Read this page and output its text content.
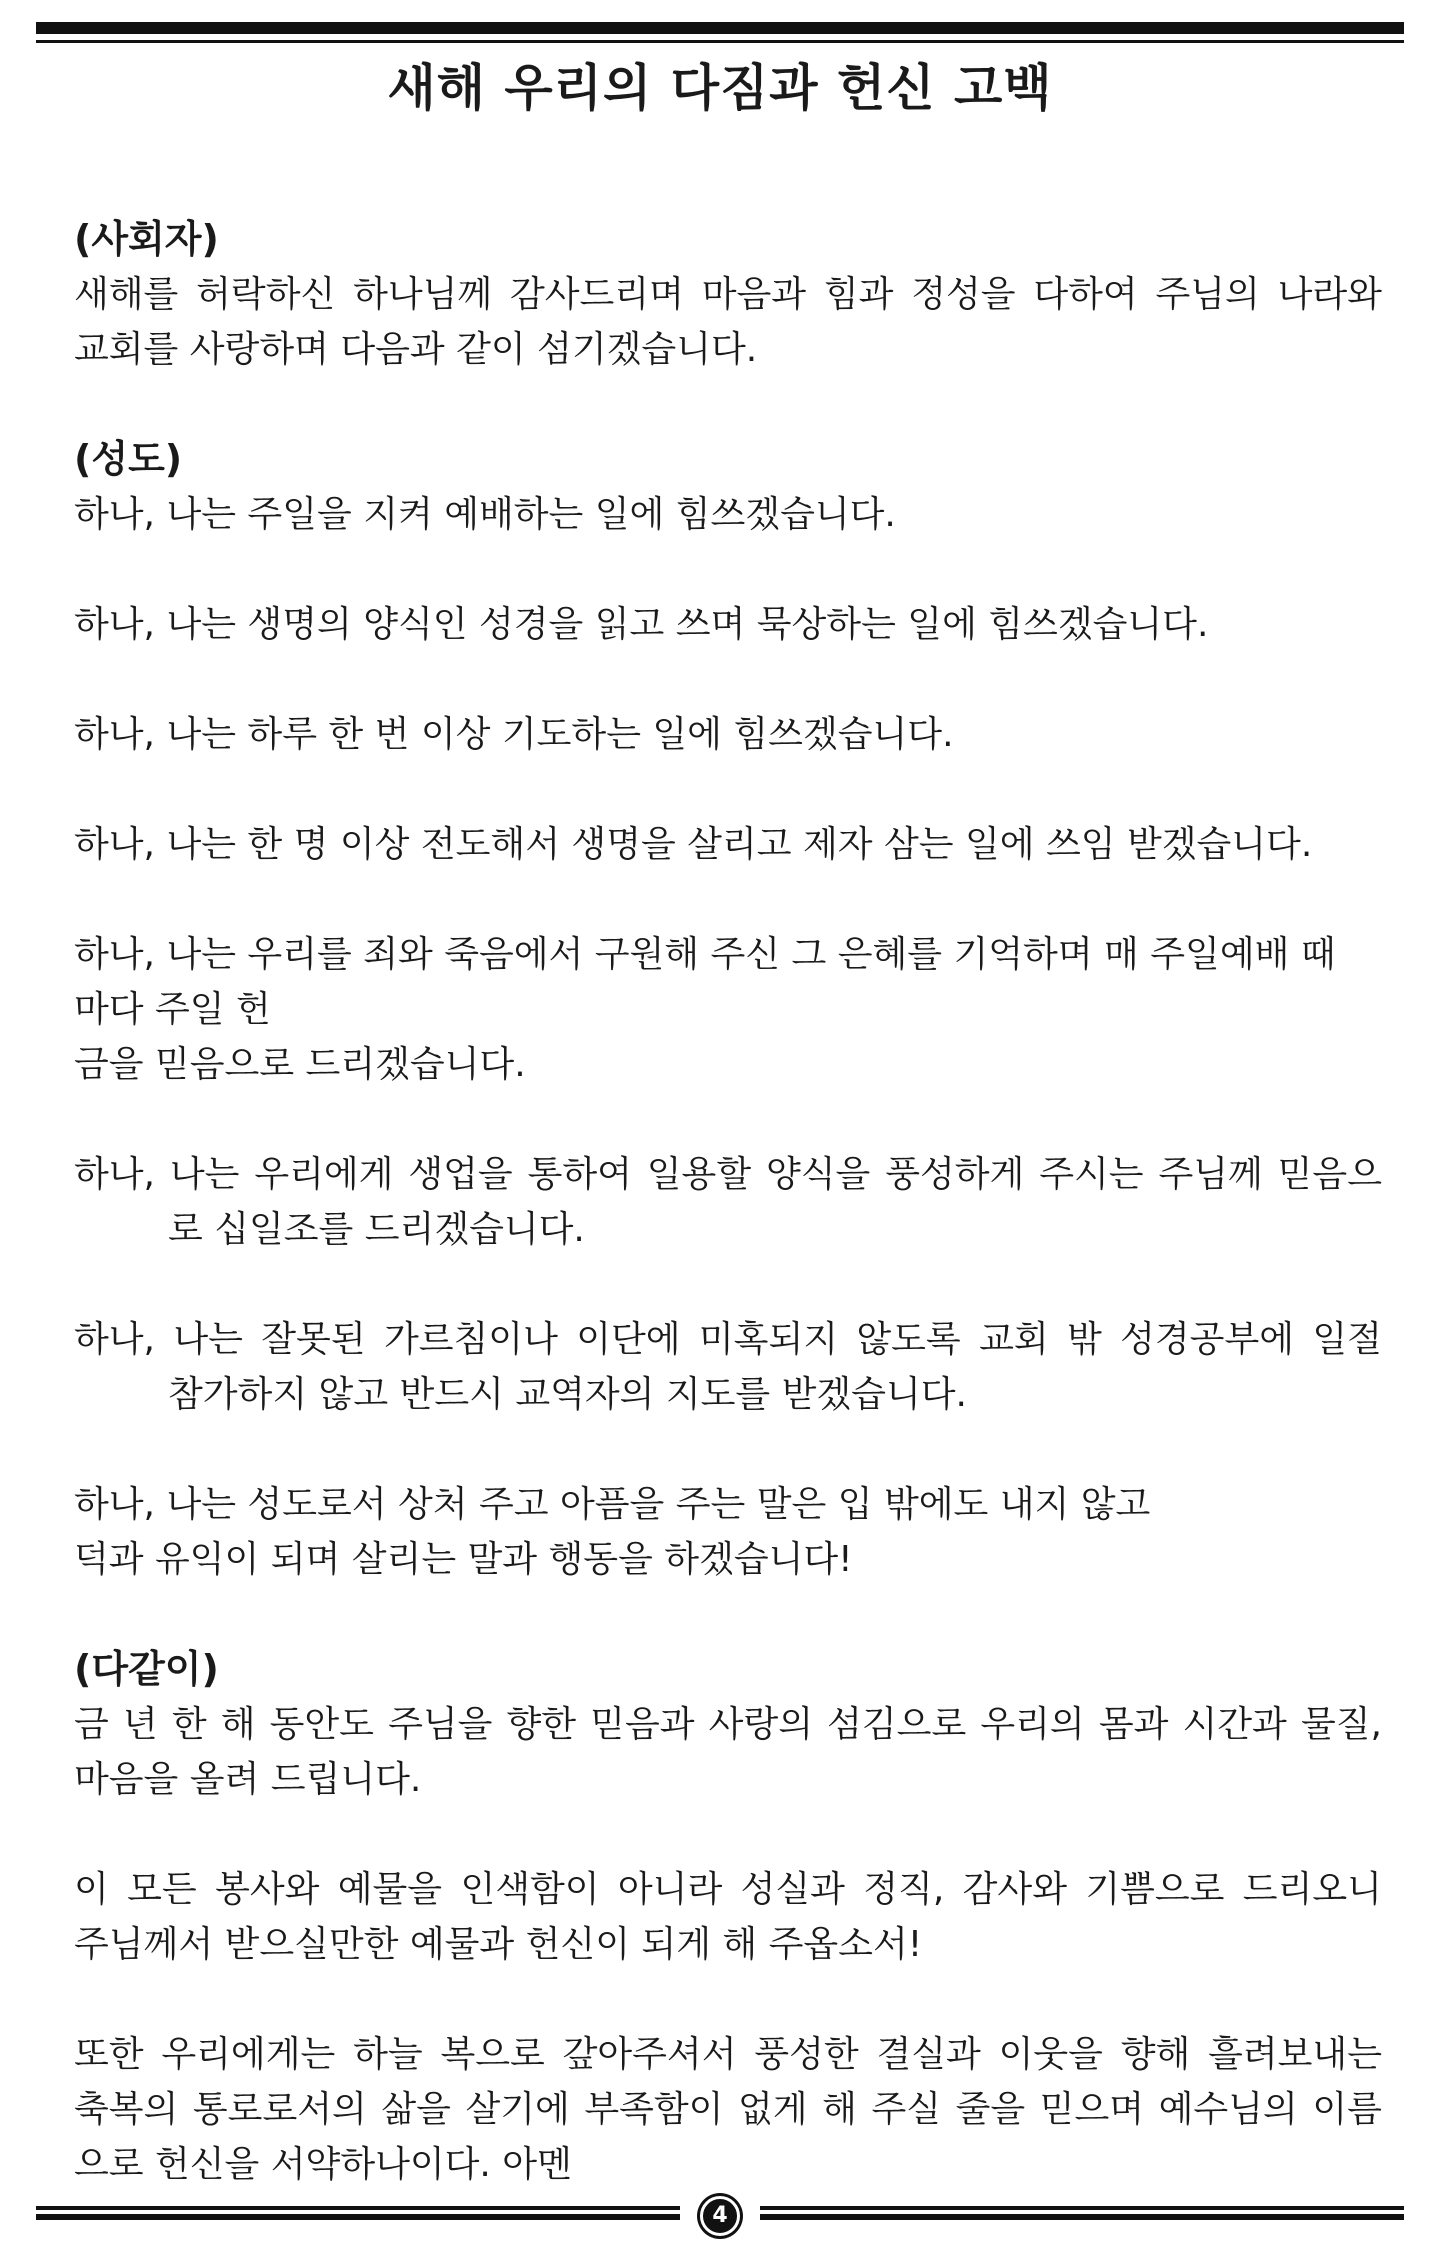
새해 우리의 다짐과 헌신 고백
(사회자)
새해를 허락하신 하나님께 감사드리며 마음과 힘과 정성을 다하여 주님의 나라와
교회를 사랑하며 다음과 같이 섬기겠습니다.
(성도)
하나, 나는 주일을 지켜 예배하는 일에 힘쓰겠습니다.
하나, 나는 생명의 양식인 성경을 읽고 쓰며 묵상하는 일에 힘쓰겠습니다.
하나, 나는 하루 한 번 이상 기도하는 일에 힘쓰겠습니다.
하나, 나는 한 명 이상 전도해서 생명을 살리고 제자 삼는 일에 쓰임 받겠습니다.
하나, 나는 우리를 죄와 죽음에서 구원해 주신 그 은혜를 기억하며 매 주일예배 때
마다 주일 헌
금을 믿음으로 드리겠습니다.
하나, 나는 우리에게 생업을 통하여 일용할 양식을 풍성하게 주시는 주님께 믿음으
로 십일조를 드리겠습니다.
하나, 나는 잘못된 가르침이나 이단에 미혹되지 않도록 교회 밖 성경공부에 일절
참가하지 않고 반드시 교역자의 지도를 받겠습니다.
하나, 나는 성도로서 상처 주고 아픔을 주는 말은 입 밖에도 내지 않고
덕과 유익이 되며 살리는 말과 행동을 하겠습니다!
(다같이)
금 년 한 해 동안도 주님을 향한 믿음과 사랑의 섬김으로 우리의 몸과 시간과 물질,
마음을 올려 드립니다.
이 모든 봉사와 예물을 인색함이 아니라 성실과 정직, 감사와 기쁨으로 드리오니
주님께서 받으실만한 예물과 헌신이 되게 해 주옵소서!
또한 우리에게는 하늘 복으로 갚아주셔서 풍성한 결실과 이웃을 향해 흘려보내는
축복의 통로로서의 삶을 살기에 부족함이 없게 해 주실 줄을 믿으며 예수님의 이름
으로 헌신을 서약하나이다. 아멘
4
